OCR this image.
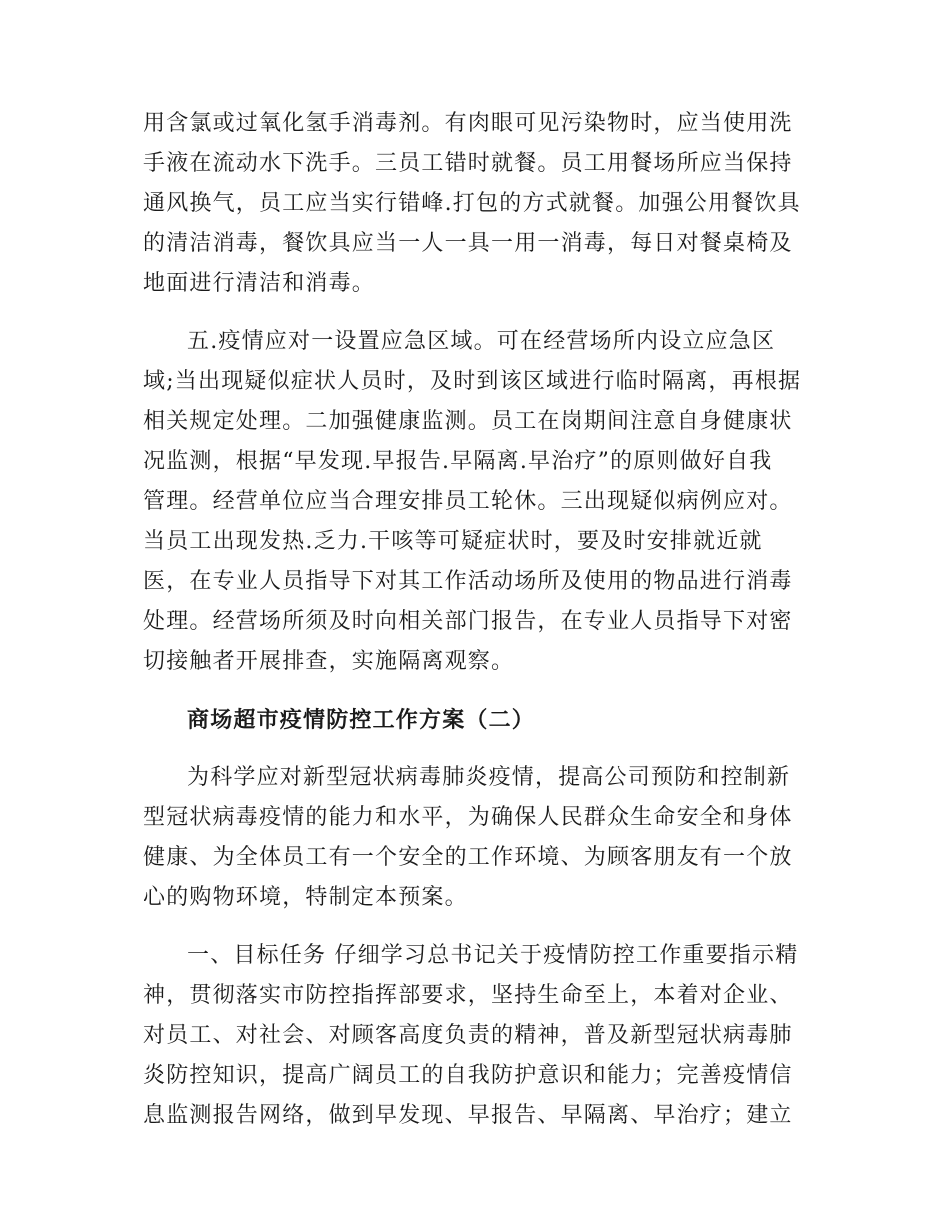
用含氯或过氧化氢手消毒剂。有肉眼可见污染物时，应当使用洗
手液在流动水下洗手。三员工错时就餐。员工用餐场所应当保持
通风换气，员工应当实行错峰.打包的方式就餐。加强公用餐饮具
的清洁消毒，餐饮具应当一人一具一用一消毒，每日对餐桌椅及
地面进行清洁和消毒。
五.疫情应对一设置应急区域。可在经营场所内设立应急区
域;当出现疑似症状人员时，及时到该区域进行临时隔离，再根据
相关规定处理。二加强健康监测。员工在岗期间注意自身健康状
况监测，根据“早发现.早报告.早隔离.早治疗”的原则做好自我
管理。经营单位应当合理安排员工轮休。三出现疑似病例应对。
当员工出现发热.乏力.干咳等可疑症状时，要及时安排就近就
医，在专业人员指导下对其工作活动场所及使用的物品进行消毒
处理。经营场所须及时向相关部门报告，在专业人员指导下对密
切接触者开展排查，实施隔离观察。
商场超市疫情防控工作方案（二）
为科学应对新型冠状病毒肺炎疫情，提高公司预防和控制新
型冠状病毒疫情的能力和水平，为确保人民群众生命安全和身体
健康、为全体员工有一个安全的工作环境、为顾客朋友有一个放
心的购物环境，特制定本预案。
一、目标任务 仔细学习总书记关于疫情防控工作重要指示精
神，贯彻落实市防控指挥部要求，坚持生命至上，本着对企业、
对员工、对社会、对顾客高度负责的精神，普及新型冠状病毒肺
炎防控知识，提高广阔员工的自我防护意识和能力；完善疫情信
息监测报告网络，做到早发现、早报告、早隔离、早治疗；建立
